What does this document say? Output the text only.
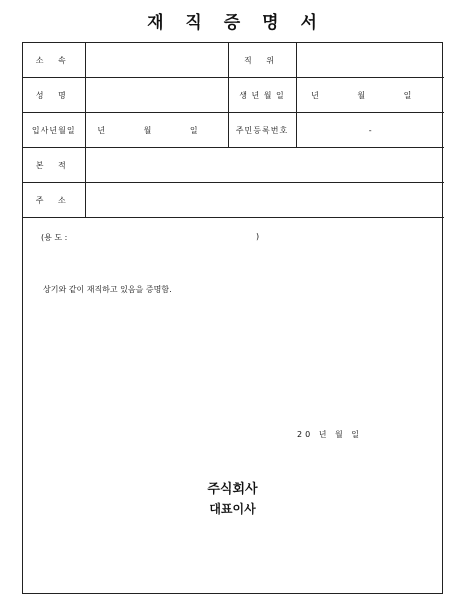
재 직 증 명 서
소 속		직 위	
성 명		생 년 월 일	년 월 일
입사년월일	년 월 일	주민등록번호	-
본 적			
주 소			
(용 도 :	)
상기와 같이 재직하고 있음을 증명함.
20 년 월 일
주식회사
대표이사
